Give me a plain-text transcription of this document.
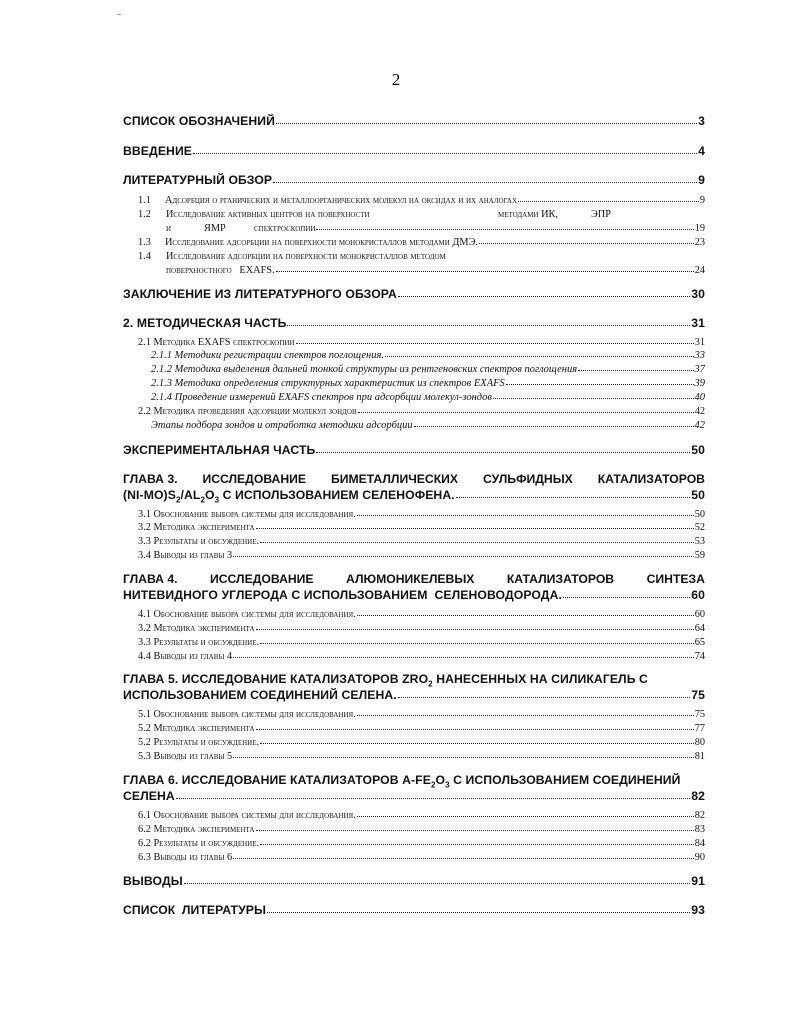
2
СПИСОК ОБОЗНАЧЕНИЙ	3
ВВЕДЕНИЕ	4
ЛИТЕРАТУРНЫЙ ОБЗОР	9
1.1	Адсорбция о рганических и металлоорганических молекул на оксидах и их аналогах	9
1.2	Исследование активных центров на поверхности	методами ИК,	ЭПР
и	ЯМР	спектроскопии	19
1.3	Исследование адсорбции на поверхности монокристаллов методами ДМЭ.	23
1.4	Исследование адсорбции на поверхности монокристаллов методом
поверхностного   EXAFS.	24
ЗАКЛЮЧЕНИЕ ИЗ ЛИТЕРАТУРНОГО ОБЗОРА	30
2. МЕТОДИЧЕСКАЯ ЧАСТЬ	31
2.1 Методика EXAFS спектроскопии	31
2.1.1 Методики регистрации спектров поглощения.	33
2.1.2 Методика выделения дальней тонкой структуры из рентгеновских спектров поглощения	37
2.1.3 Методика определения структурных характеристик из спектров EXAFS	39
2.1.4 Проведение измерений EXAFS спектров при адсорбции молекул-зондов	40
2.2 Методика проведения адсорбции молекул зондов	42
Этапы подбора зондов и отработка методики адсорбции	42
ЭКСПЕРИМЕНТАЛЬНАЯ ЧАСТЬ	50
ГЛАВА 3. ИССЛЕДОВАНИЕ БИМЕТАЛЛИЧЕСКИХ СУЛЬФИДНЫХ КАТАЛИЗАТОРОВ
$(NI-MO)S_2/AL_2O_3$ С ИСПОЛЬЗОВАНИЕМ СЕЛЕНОФЕНА.	50
3.1 Обоснование выбора системы для исследования.	50
3.2 Методика эксперимента	52
3.3 Результаты и обсуждение.	53
3.4 Выводы из главы 3	59
ГЛАВА 4.	ИССЛЕДОВАНИЕ	АЛЮМОНИКЕЛЕВЫХ	КАТАЛИЗАТОРОВ	СИНТЕЗА
НИТЕВИДНОГО УГЛЕРОДА С ИСПОЛЬЗОВАНИЕМ  СЕЛЕНОВОДОРОДА.	60
4.1 Обоснование выбора системы для исследования.	60
3.2 Методика эксперимента	64
3.3 Результаты и обсуждение.	65
4.4 Выводы из главы 4	74
ГЛАВА 5. ИССЛЕДОВАНИЕ КАТАЛИЗАТОРОВ $ZRO_2$ НАНЕСЕННЫХ НА СИЛИКАГЕЛЬ С
ИСПОЛЬЗОВАНИЕМ СОЕДИНЕНИЙ СЕЛЕНА.	75
5.1 Обоснование выбора системы для исследования.	75
5.2 Методика эксперимента	77
5.2 Результаты и обсуждение.	80
5.3 Выводы из главы 5	81
ГЛАВА 6. ИССЛЕДОВАНИЕ КАТАЛИЗАТОРОВ $A-FE_2O_3$ С ИСПОЛЬЗОВАНИЕМ СОЕДИНЕНИЙ
СЕЛЕНА	82
6.1 Обоснование выбора системы для исследования.	82
6.2 Методика эксперимента	83
6.2 Результаты и обсуждение.	84
6.3 Выводы из главы 6	90
ВЫВОДЫ	91
СПИСОК ЛИТЕРАТУРЫ	93
